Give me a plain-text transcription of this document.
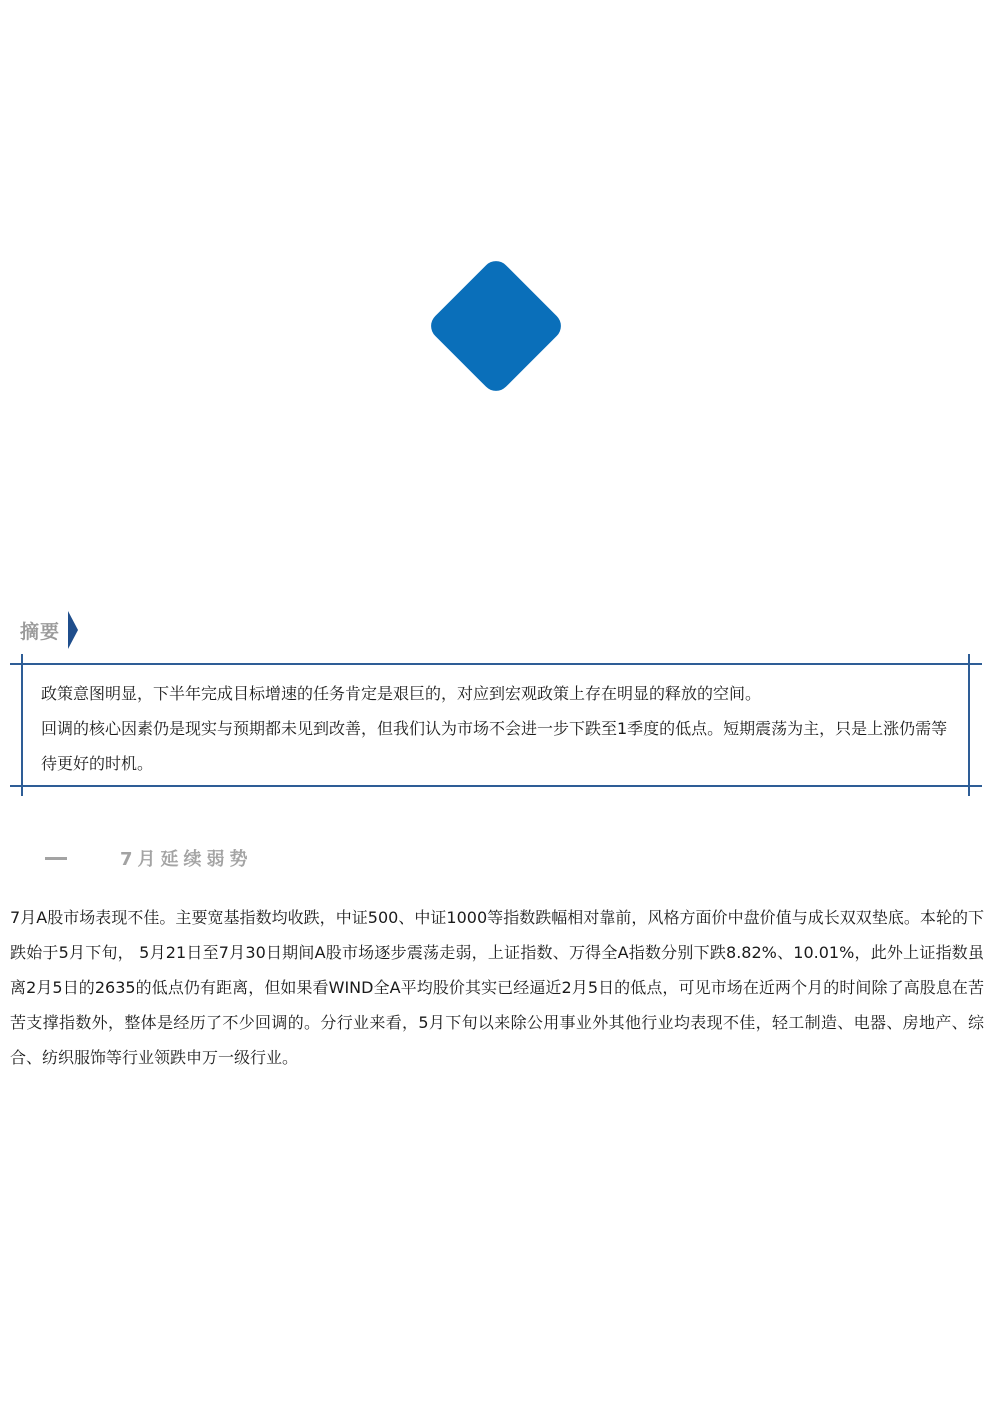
摘要

政策意图明显，下半年完成目标增速的任务肯定是艰巨的，对应到宏观政策上存在明显的释放的空间。

回调的核心因素仍是现实与预期都未见到改善，但我们认为市场不会进一步下跌至1季度的低点。短期震荡为主，只是上涨仍需等待更好的时机。

7月延续弱势

7月A股市场表现不佳。主要宽基指数均收跌，中证500、中证1000等指数跌幅相对靠前，风格方面价中盘价值与成长双双垫底。本轮的下跌始于5月下旬， 5月21日至7月30日期间A股市场逐步震荡走弱，上证指数、万得全A指数分别下跌8.82%、10.01%，此外上证指数虽离2月5日的2635的低点仍有距离，但如果看WIND全A平均股价其实已经逼近2月5日的低点，可见市场在近两个月的时间除了高股息在苦苦支撑指数外，整体是经历了不少回调的。分行业来看，5月下旬以来除公用事业外其他行业均表现不佳，轻工制造、电器、房地产、综合、纺织服饰等行业领跌申万一级行业。
